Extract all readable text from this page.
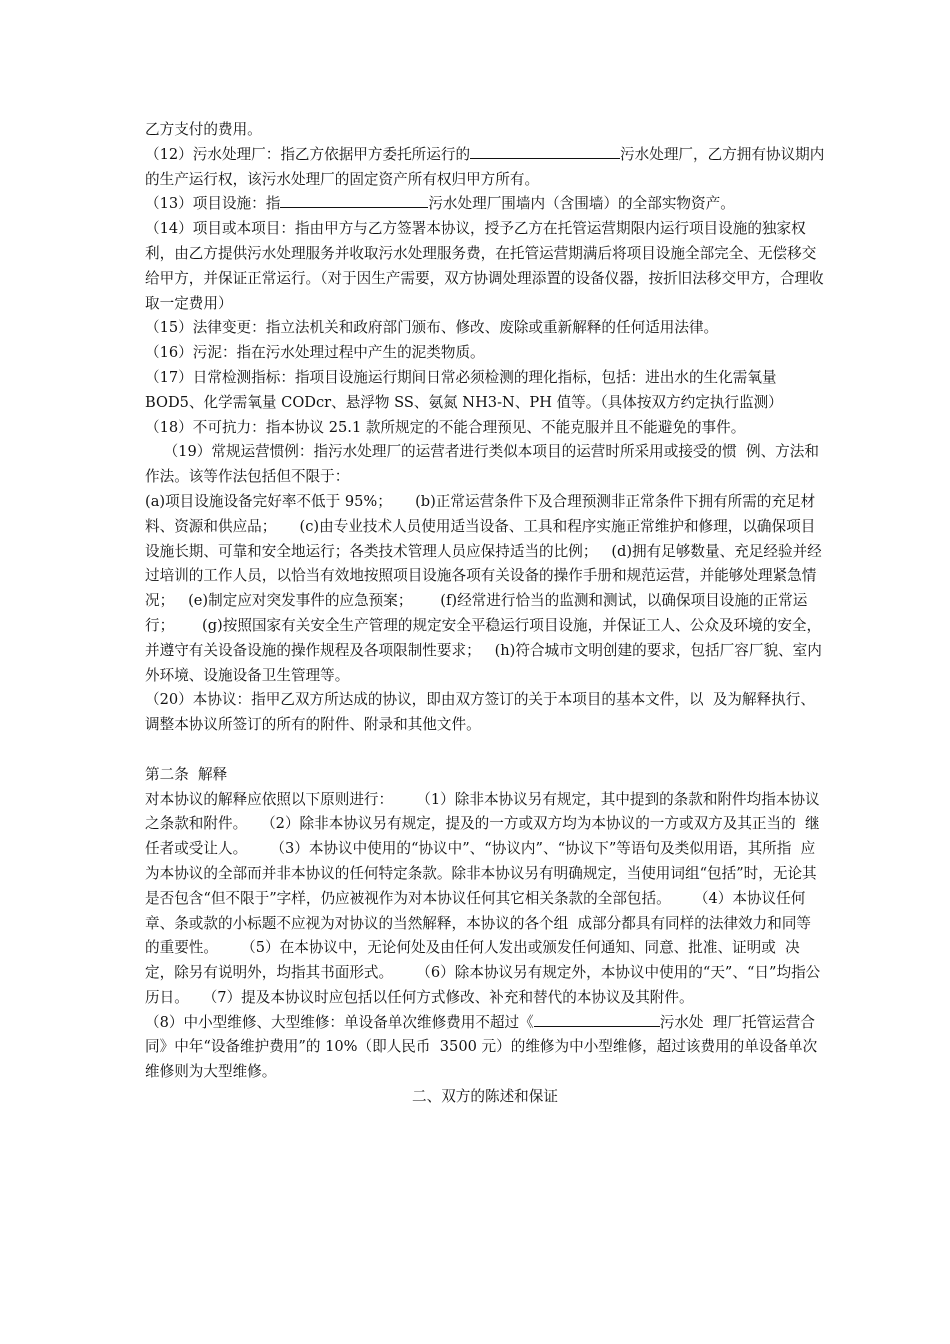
乙方支付的费用。

（12）污水处理厂：指乙方依据甲方委托所运行的	污水处理厂，乙方拥有协议期内的生产运行权，该污水处理厂的固定资产所有权归甲方所有。

（13）项目设施：指	污水处理厂围墙内（含围墙）的全部实物资产。

（14）项目或本项目：指由甲方与乙方签署本协议，授予乙方在托管运营期限内运行项目设施的独家权利，由乙方提供污水处理服务并收取污水处理服务费，在托管运营期满后将项目设施全部完全、无偿移交给甲方，并保证正常运行。（对于因生产需要，双方协调处理添置的设备仪器，按折旧法移交甲方，合理收取一定费用）

（15）法律变更：指立法机关和政府部门颁布、修改、废除或重新解释的任何适用法律。

（16）污泥：指在污水处理过程中产生的泥类物质。

（17）日常检测指标：指项目设施运行期间日常必须检测的理化指标，包括：进出水的生化需氧量 BOD5、化学需氧量 CODcr、悬浮物 SS、氨氮 NH3-N、PH 值等。（具体按双方约定执行监测）

（18）不可抗力：指本协议 25.1 款所规定的不能合理预见、不能克服并且不能避免的事件。

（19）常规运营惯例：指污水处理厂的运营者进行类似本项目的运营时所采用或接受的惯  例、方法和作法。该等作法包括但不限于：

(a)项目设施设备完好率不低于 95%；     (b)正常运营条件下及合理预测非正常条件下拥有所需的充足材料、资源和供应品；     (c)由专业技术人员使用适当设备、工具和程序实施正常维护和修理，以确保项目设施长期、可靠和安全地运行；各类技术管理人员应保持适当的比例；   (d)拥有足够数量、充足经验并经过培训的工作人员，以恰当有效地按照项目设施各项有关设备的操作手册和规范运营，并能够处理紧急情况；   (e)制定应对突发事件的应急预案；      (f)经常进行恰当的监测和测试，以确保项目设施的正常运行；      (g)按照国家有关安全生产管理的规定安全平稳运行项目设施，并保证工人、公众及环境的安全，并遵守有关设备设施的操作规程及各项限制性要求；   (h)符合城市文明创建的要求，包括厂容厂貌、室内外环境、设施设备卫生管理等。

（20）本协议：指甲乙双方所达成的协议，即由双方签订的关于本项目的基本文件，以  及为解释执行、调整本协议所签订的所有的附件、附录和其他文件。

第二条  解释

对本协议的解释应依照以下原则进行：     （1）除非本协议另有规定，其中提到的条款和附件均指本协议之条款和附件。   （2）除非本协议另有规定，提及的一方或双方均为本协议的一方或双方及其正当的  继任者或受让人。     （3）本协议中使用的“协议中”、“协议内”、“协议下”等语句及类似用语，其所指  应为本协议的全部而并非本协议的任何特定条款。除非本协议另有明确规定，当使用词组“包括”时，无论其是否包含“但不限于”字样，仍应被视作为对本协议任何其它相关条款的全部包括。     （4）本协议任何章、条或款的小标题不应视为对协议的当然解释，本协议的各个组  成部分都具有同样的法律效力和同等的重要性。     （5）在本协议中，无论何处及由任何人发出或颁发任何通知、同意、批准、证明或  决定，除另有说明外，均指其书面形式。     （6）除本协议另有规定外，本协议中使用的“天”、“日”均指公历日。   （7）提及本协议时应包括以任何方式修改、补充和替代的本协议及其附件。

（8）中小型维修、大型维修：单设备单次维修费用不超过《	污水处  理厂托管运营合同》中年“设备维护费用”的 10%（即人民币  3500 元）的维修为中小型维修，超过该费用的单设备单次维修则为大型维修。

二、双方的陈述和保证
